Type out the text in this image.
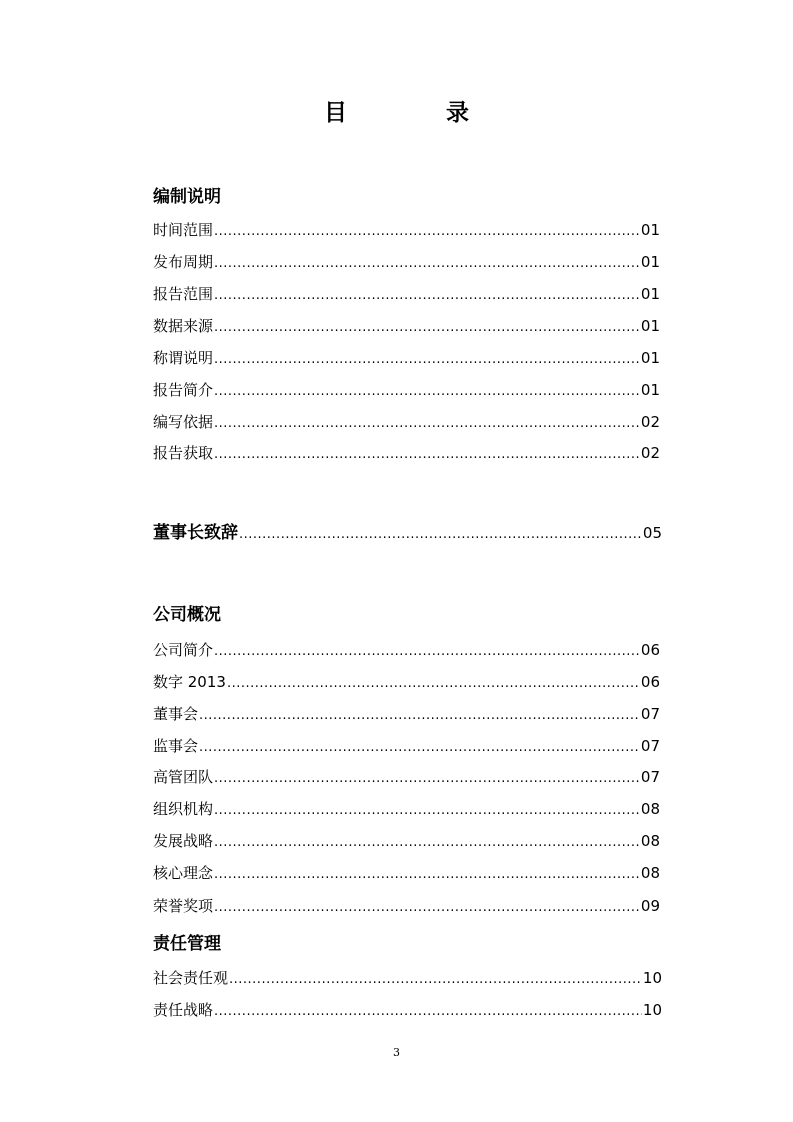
目　录
编制说明
时间范围 .....	01
发布周期 .....	01
报告范围 .....	01
数据来源 .....	01
称谓说明 .....	01
报告简介 .....	01
编写依据 .....	02
报告获取 .....	02
董事长致辞 .....	05
公司概况
公司简介 .....	06
数字 2013 .....	06
董事会 .....	07
监事会 .....	07
高管团队 .....	07
组织机构 .....	08
发展战略 .....	08
核心理念 .....	08
荣誉奖项 .....	09
责任管理
社会责任观 .....	10
责任战略 .....	10
3
